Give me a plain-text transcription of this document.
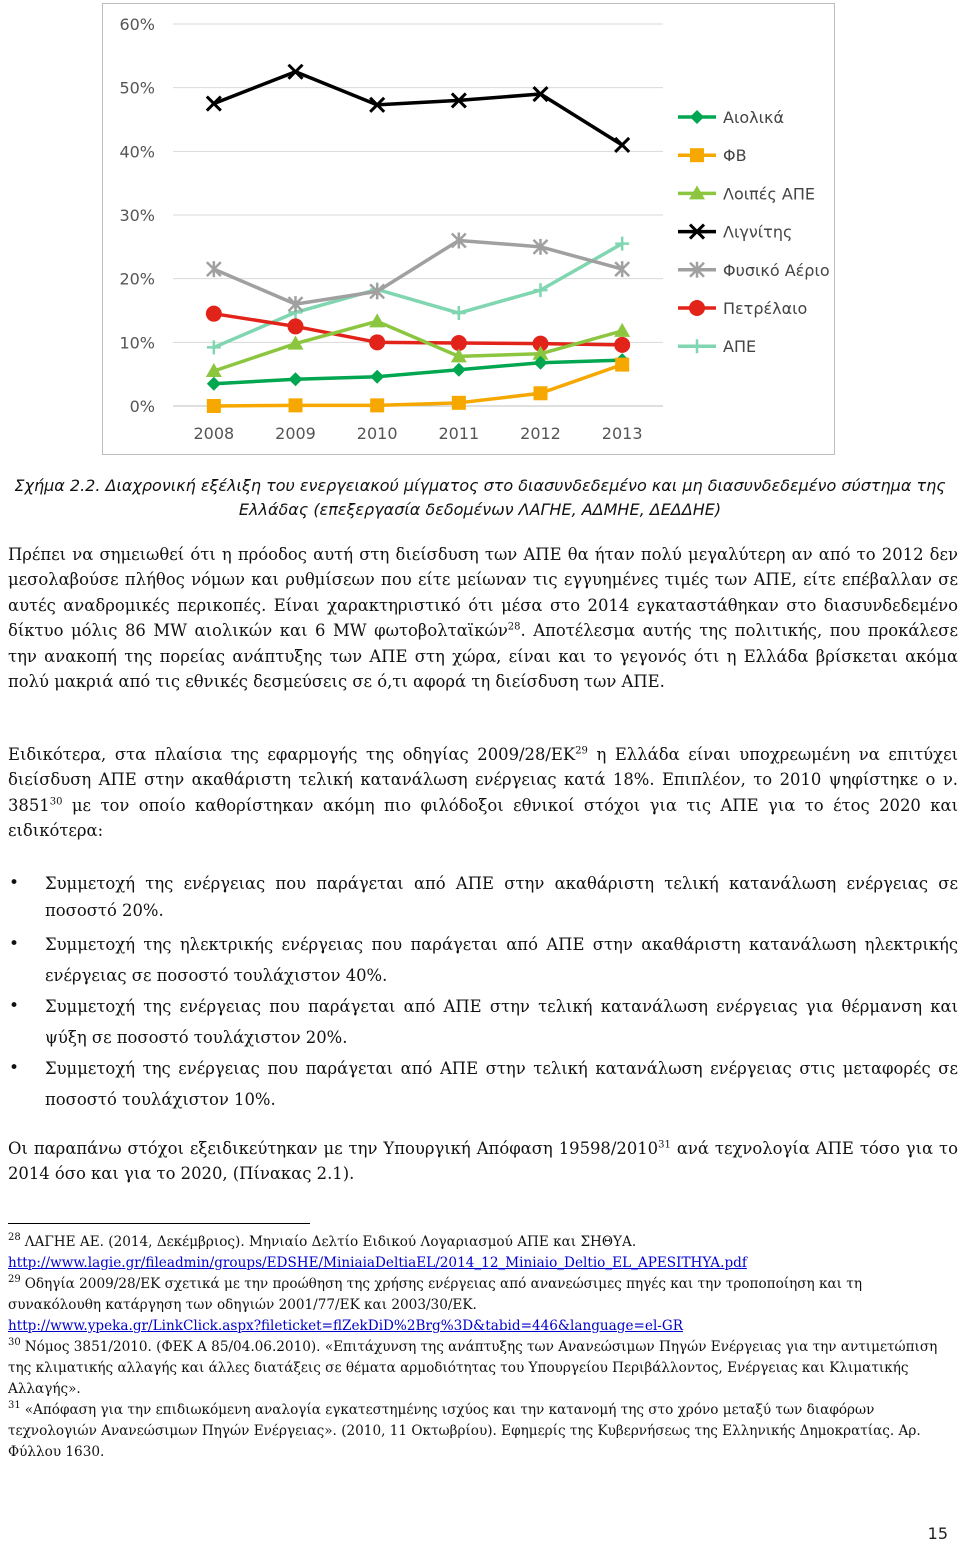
0%
10%
20%
30%
40%
50%
60%
2008	2009	2010	2011	2012	2013
Αιολικά
ΦΒ
Λοιπές ΑΠΕ
Λιγνίτης
Φυσικό Αέριο
Πετρέλαιο
ΑΠΕ
Σχήμα 2.2. Διαχρονική εξέλιξη του ενεργειακού μίγματος στο διασυνδεδεμένο και μη διασυνδεδεμένο σύστημα της Ελλάδας (επεξεργασία δεδομένων ΛΑΓΗΕ, ΑΔΜΗΕ, ΔΕΔΔΗΕ)
Πρέπει να σημειωθεί ότι η πρόοδος αυτή στη διείσδυση των ΑΠΕ θα ήταν πολύ μεγαλύτερη αν από το 2012 δεν μεσολαβούσε πλήθος νόμων και ρυθμίσεων που είτε μείωναν τις εγγυημένες τιμές των ΑΠΕ, είτε επέβαλλαν σε αυτές αναδρομικές περικοπές. Είναι χαρακτηριστικό ότι μέσα στο 2014 εγκαταστάθηκαν στο διασυνδεδεμένο δίκτυο μόλις 86 MW αιολικών και 6 MW φωτοβολταϊκών$^{28}$. Αποτέλεσμα αυτής της πολιτικής, που προκάλεσε την ανακοπή της πορείας ανάπτυξης των ΑΠΕ στη χώρα, είναι και το γεγονός ότι η Ελλάδα βρίσκεται ακόμα πολύ μακριά από τις εθνικές δεσμεύσεις σε ό,τι αφορά τη διείσδυση των ΑΠΕ.
Ειδικότερα, στα πλαίσια της εφαρμογής της οδηγίας 2009/28/ΕΚ$^{29}$ η Ελλάδα είναι υποχρεωμένη να επιτύχει διείσδυση ΑΠΕ στην ακαθάριστη τελική κατανάλωση ενέργειας κατά 18%. Επιπλέον, το 2010 ψηφίστηκε ο ν. 3851$^{30}$ με τον οποίο καθορίστηκαν ακόμη πιο φιλόδοξοι εθνικοί στόχοι για τις ΑΠΕ για το έτος 2020 και ειδικότερα:
• Συμμετοχή της ενέργειας που παράγεται από ΑΠΕ στην ακαθάριστη τελική κατανάλωση ενέργειας σε ποσοστό 20%.
• Συμμετοχή της ηλεκτρικής ενέργειας που παράγεται από ΑΠΕ στην ακαθάριστη κατανάλωση ηλεκτρικής ενέργειας σε ποσοστό τουλάχιστον 40%.
• Συμμετοχή της ενέργειας που παράγεται από ΑΠΕ στην τελική κατανάλωση ενέργειας για θέρμανση και ψύξη σε ποσοστό τουλάχιστον 20%.
• Συμμετοχή της ενέργειας που παράγεται από ΑΠΕ στην τελική κατανάλωση ενέργειας στις μεταφορές σε ποσοστό τουλάχιστον 10%.
Οι παραπάνω στόχοι εξειδικεύτηκαν με την Υπουργική Απόφαση 19598/2010$^{31}$ ανά τεχνολογία ΑΠΕ τόσο για το 2014 όσο και για το 2020, (Πίνακας 2.1).
$^{28}$ ΛΑΓΗΕ ΑΕ. (2014, Δεκέμβριος). Μηνιαίο Δελτίο Ειδικού Λογαριασμού ΑΠΕ και ΣΗΘΥΑ.
http://www.lagie.gr/fileadmin/groups/EDSHE/MiniaiaDeltiaEL/2014_12_Miniaio_Deltio_EL_APESITHYA.pdf
$^{29}$ Οδηγία 2009/28/ΕΚ σχετικά με την προώθηση της χρήσης ενέργειας από ανανεώσιμες πηγές και την τροποποίηση και τη συνακόλουθη κατάργηση των οδηγιών 2001/77/ΕΚ και 2003/30/ΕΚ.
http://www.ypeka.gr/LinkClick.aspx?fileticket=flZekDiD%2Brg%3D&tabid=446&language=el-GR
$^{30}$ Νόμος 3851/2010. (ΦΕΚ Α 85/04.06.2010). «Επιτάχυνση της ανάπτυξης των Ανανεώσιμων Πηγών Ενέργειας για την αντιμετώπιση της κλιματικής αλλαγής και άλλες διατάξεις σε θέματα αρμοδιότητας του Υπουργείου Περιβάλλοντος, Ενέργειας και Κλιματικής Αλλαγής».
$^{31}$ «Απόφαση για την επιδιωκόμενη αναλογία εγκατεστημένης ισχύος και την κατανομή της στο χρόνο μεταξύ των διαφόρων τεχνολογιών Ανανεώσιμων Πηγών Ενέργειας». (2010, 11 Οκτωβρίου). Εφημερίς της Κυβερνήσεως της Ελληνικής Δημοκρατίας. Αρ. Φύλλου 1630.
15
